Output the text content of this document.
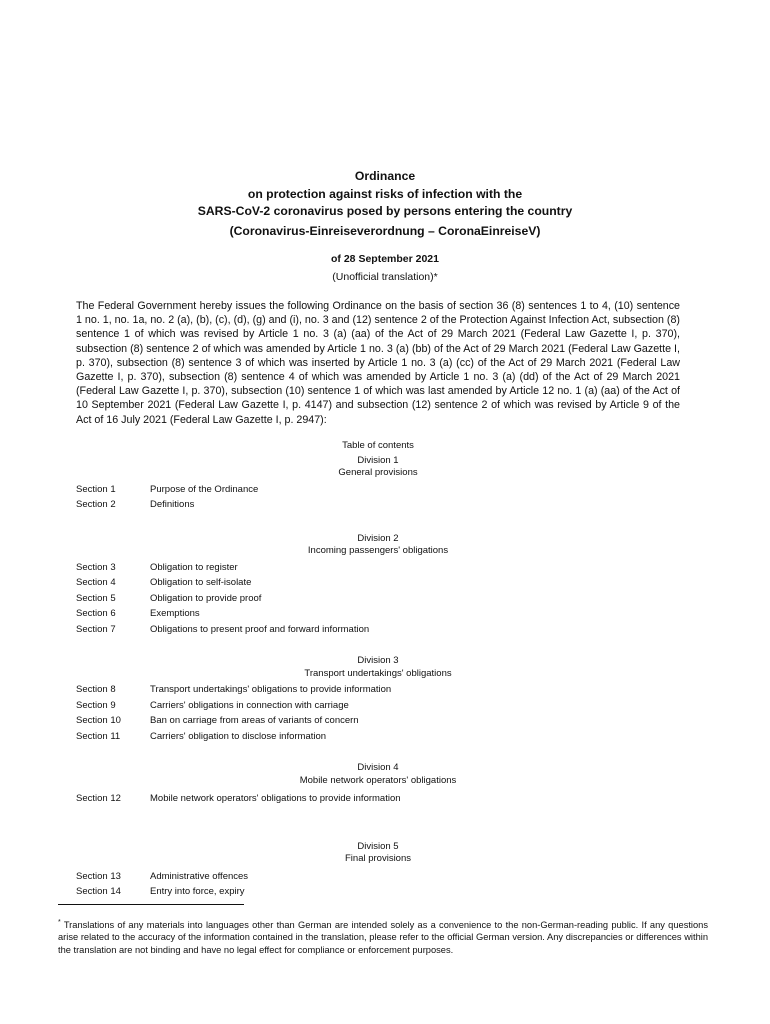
Ordinance
on protection against risks of infection with the
SARS-CoV-2 coronavirus posed by persons entering the country
(Coronavirus-Einreiseverordnung – CoronaEinreiseV)
of 28 September 2021
(Unofficial translation)*
The Federal Government hereby issues the following Ordinance on the basis of section 36 (8) sentences 1 to 4, (10) sentence 1 no. 1, no. 1a, no. 2 (a), (b), (c), (d), (g) and (i), no. 3 and (12) sentence 2 of the Protection Against Infection Act, subsection (8) sentence 1 of which was revised by Article 1 no. 3 (a) (aa) of the Act of 29 March 2021 (Federal Law Gazette I, p. 370), subsection (8) sentence 2 of which was amended by Article 1 no. 3 (a) (bb) of the Act of 29 March 2021 (Federal Law Gazette I, p. 370), subsection (8) sentence 3 of which was inserted by Article 1 no. 3 (a) (cc) of the Act of 29 March 2021 (Federal Law Gazette I, p. 370), subsection (8) sentence 4 of which was amended by Article 1 no. 3 (a) (dd) of the Act of 29 March 2021 (Federal Law Gazette I, p. 370), subsection (10) sentence 1 of which was last amended by Article 12 no. 1 (a) (aa) of the Act of 10 September 2021 (Federal Law Gazette I, p. 4147) and subsection (12) sentence 2 of which was revised by Article 9 of the Act of 16 July 2021 (Federal Law Gazette I, p. 2947):
Table of contents
Division 1
General provisions
Section 1	Purpose of the Ordinance
Section 2	Definitions
Division 2
Incoming passengers' obligations
Section 3	Obligation to register
Section 4	Obligation to self-isolate
Section 5	Obligation to provide proof
Section 6	Exemptions
Section 7	Obligations to present proof and forward information
Division 3
Transport undertakings' obligations
Section 8	Transport undertakings' obligations to provide information
Section 9	Carriers' obligations in connection with carriage
Section 10	Ban on carriage from areas of variants of concern
Section 11	Carriers' obligation to disclose information
Division 4
Mobile network operators' obligations
Section 12	Mobile network operators' obligations to provide information
Division 5
Final provisions
Section 13	Administrative offences
Section 14	Entry into force, expiry
* Translations of any materials into languages other than German are intended solely as a convenience to the non-German-reading public. If any questions arise related to the accuracy of the information contained in the translation, please refer to the official German version. Any discrepancies or differences within the translation are not binding and have no legal effect for compliance or enforcement purposes.
